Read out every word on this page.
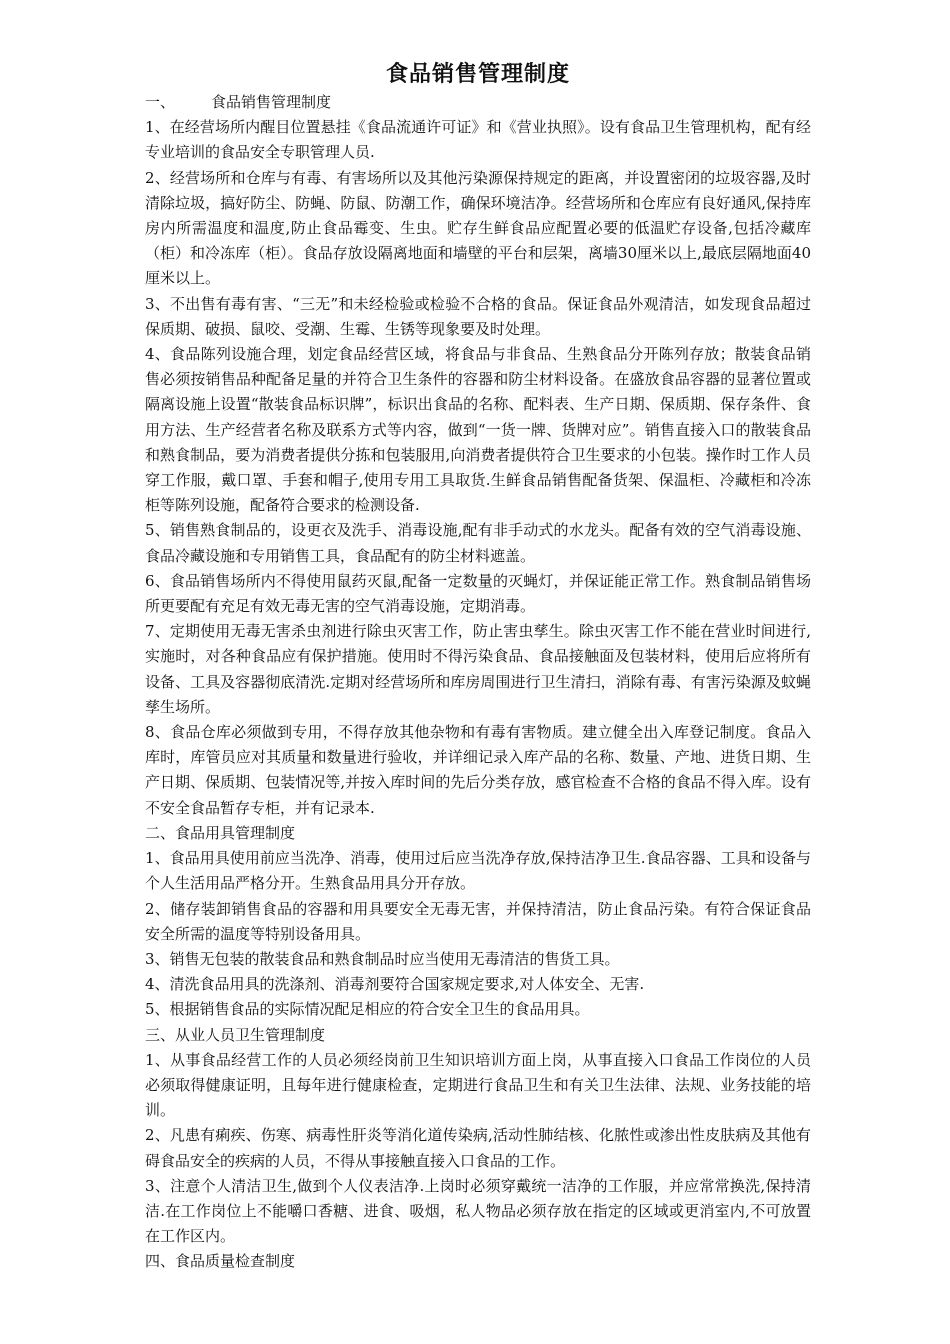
食品销售管理制度

一、 食品销售管理制度

1、在经营场所内醒目位置悬挂《食品流通许可证》和《营业执照》。设有食品卫生管理机构，配有经专业培训的食品安全专职管理人员.

2、经营场所和仓库与有毒、有害场所以及其他污染源保持规定的距离，并设置密闭的垃圾容器,及时清除垃圾，搞好防尘、防蝇、防鼠、防潮工作，确保环境洁净。经营场所和仓库应有良好通风,保持库房内所需温度和温度,防止食品霉变、生虫。贮存生鲜食品应配置必要的低温贮存设备,包括冷藏库（柜）和冷冻库（柜）。食品存放设隔离地面和墙壁的平台和层架，离墙30厘米以上,最底层隔地面40厘米以上。

3、不出售有毒有害、“三无”和未经检验或检验不合格的食品。保证食品外观清洁，如发现食品超过保质期、破损、鼠咬、受潮、生霉、生锈等现象要及时处理。

4、食品陈列设施合理，划定食品经营区域，将食品与非食品、生熟食品分开陈列存放；散装食品销售必须按销售品种配备足量的并符合卫生条件的容器和防尘材料设备。在盛放食品容器的显著位置或隔离设施上设置“散装食品标识牌”，标识出食品的名称、配料表、生产日期、保质期、保存条件、食用方法、生产经营者名称及联系方式等内容，做到“一货一牌、货牌对应”。销售直接入口的散装食品和熟食制品，要为消费者提供分拣和包装服用,向消费者提供符合卫生要求的小包装。操作时工作人员穿工作服，戴口罩、手套和帽子,使用专用工具取货.生鲜食品销售配备货架、保温柜、冷藏柜和冷冻柜等陈列设施，配备符合要求的检测设备.

5、销售熟食制品的，设更衣及洗手、消毒设施,配有非手动式的水龙头。配备有效的空气消毒设施、食品冷藏设施和专用销售工具，食品配有的防尘材料遮盖。

6、食品销售场所内不得使用鼠药灭鼠,配备一定数量的灭蝇灯，并保证能正常工作。熟食制品销售场所更要配有充足有效无毒无害的空气消毒设施，定期消毒。

7、定期使用无毒无害杀虫剂进行除虫灭害工作，防止害虫孳生。除虫灭害工作不能在营业时间进行,实施时，对各种食品应有保护措施。使用时不得污染食品、食品接触面及包装材料，使用后应将所有设备、工具及容器彻底清洗.定期对经营场所和库房周围进行卫生清扫，消除有毒、有害污染源及蚊蝇孳生场所。

8、食品仓库必须做到专用，不得存放其他杂物和有毒有害物质。建立健全出入库登记制度。食品入库时，库管员应对其质量和数量进行验收，并详细记录入库产品的名称、数量、产地、进货日期、生产日期、保质期、包装情况等,并按入库时间的先后分类存放，感官检查不合格的食品不得入库。设有不安全食品暂存专柜，并有记录本.

二、食品用具管理制度

1、食品用具使用前应当洗净、消毒，使用过后应当洗净存放,保持洁净卫生.食品容器、工具和设备与个人生活用品严格分开。生熟食品用具分开存放。

2、储存装卸销售食品的容器和用具要安全无毒无害，并保持清洁，防止食品污染。有符合保证食品安全所需的温度等特别设备用具。

3、销售无包装的散装食品和熟食制品时应当使用无毒清洁的售货工具。

4、清洗食品用具的洗涤剂、消毒剂要符合国家规定要求,对人体安全、无害.

5、根据销售食品的实际情况配足相应的符合安全卫生的食品用具。

三、从业人员卫生管理制度

1、从事食品经营工作的人员必须经岗前卫生知识培训方面上岗，从事直接入口食品工作岗位的人员必须取得健康证明，且每年进行健康检查，定期进行食品卫生和有关卫生法律、法规、业务技能的培训。

2、凡患有痢疾、伤寒、病毒性肝炎等消化道传染病,活动性肺结核、化脓性或渗出性皮肤病及其他有碍食品安全的疾病的人员，不得从事接触直接入口食品的工作。

3、注意个人清洁卫生,做到个人仪表洁净.上岗时必须穿戴统一洁净的工作服，并应常常换洗,保持清洁.在工作岗位上不能嚼口香糖、进食、吸烟，私人物品必须存放在指定的区域或更消室内,不可放置在工作区内。

四、食品质量检查制度
